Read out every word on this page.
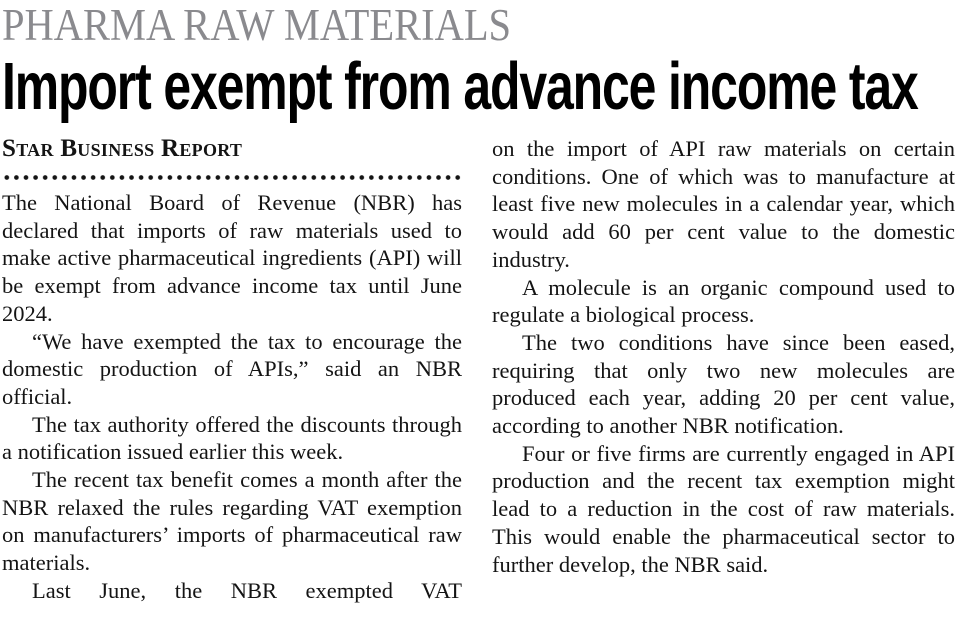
PHARMA RAW MATERIALS
Import exempt from advance income tax
Star Business Report

The National Board of Revenue (NBR) has declared that imports of raw materials used to make active pharmaceutical ingredients (API) will be exempt from advance income tax until June 2024.

“We have exempted the tax to encourage the domestic production of APIs,” said an NBR official.

The tax authority offered the discounts through a notification issued earlier this week.

The recent tax benefit comes a month after the NBR relaxed the rules regarding VAT exemption on manufacturers’ imports of pharmaceutical raw materials.

Last June, the NBR exempted VAT

on the import of API raw materials on certain conditions. One of which was to manufacture at least five new molecules in a calendar year, which would add 60 per cent value to the domestic industry.

A molecule is an organic compound used to regulate a biological process.

The two conditions have since been eased, requiring that only two new molecules are produced each year, adding 20 per cent value, according to another NBR notification.

Four or five firms are currently engaged in API production and the recent tax exemption might lead to a reduction in the cost of raw materials. This would enable the pharmaceutical sector to further develop, the NBR said.
